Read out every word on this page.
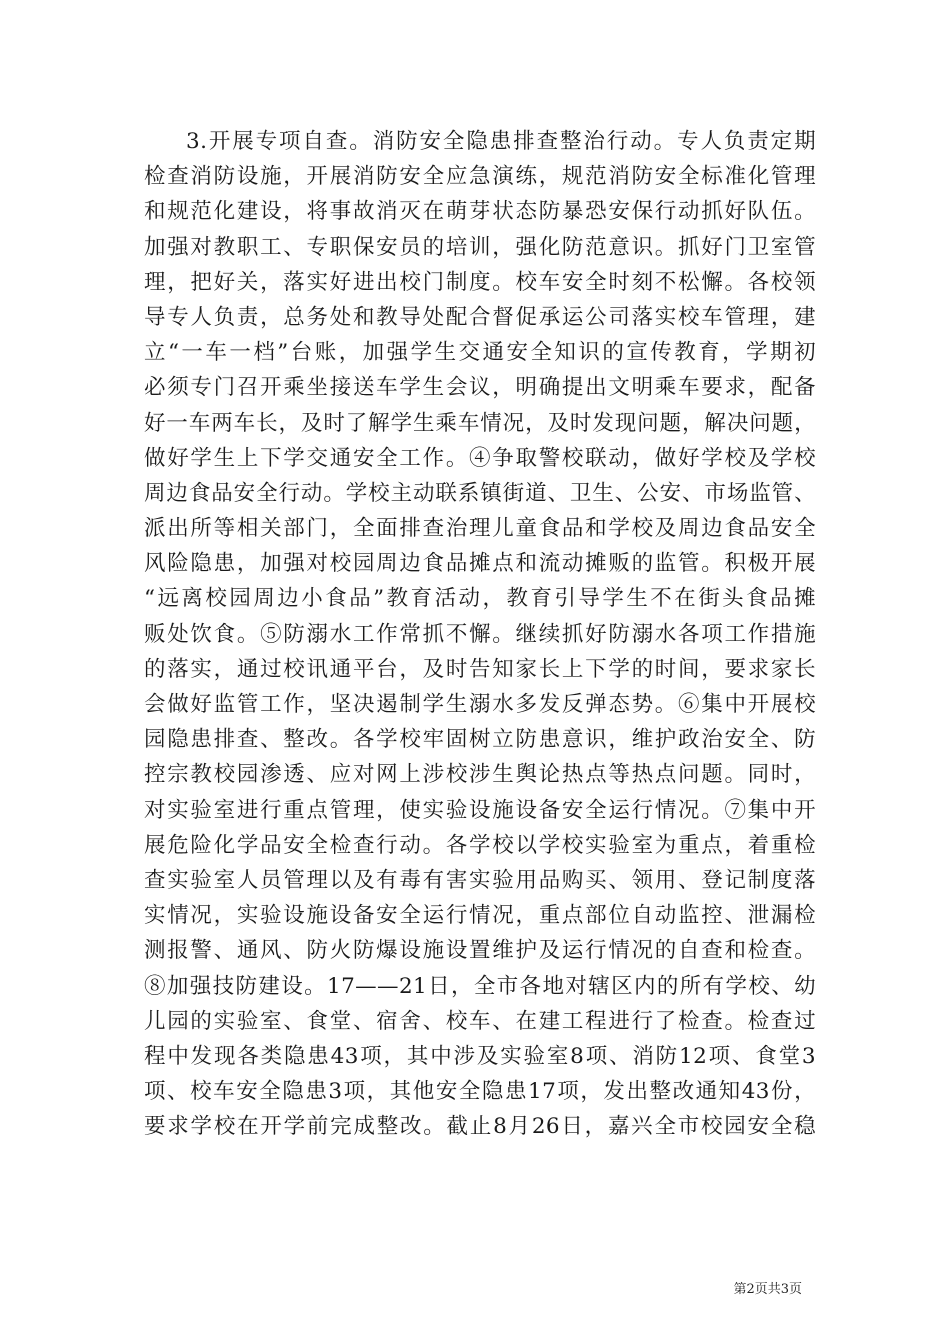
3.开展专项自查。消防安全隐患排查整治行动。专人负责定期
检查消防设施，开展消防安全应急演练，规范消防安全标准化管理
和规范化建设，将事故消灭在萌芽状态防暴恐安保行动抓好队伍。
加强对教职工、专职保安员的培训，强化防范意识。抓好门卫室管
理，把好关，落实好进出校门制度。校车安全时刻不松懈。各校领
导专人负责，总务处和教导处配合督促承运公司落实校车管理，建
立“一车一档”台账，加强学生交通安全知识的宣传教育，学期初
必须专门召开乘坐接送车学生会议，明确提出文明乘车要求，配备
好一车两车长，及时了解学生乘车情况，及时发现问题，解决问题，
做好学生上下学交通安全工作。④争取警校联动，做好学校及学校
周边食品安全行动。学校主动联系镇街道、卫生、公安、市场监管、
派出所等相关部门，全面排查治理儿童食品和学校及周边食品安全
风险隐患，加强对校园周边食品摊点和流动摊贩的监管。积极开展
“远离校园周边小食品”教育活动，教育引导学生不在街头食品摊
贩处饮食。⑤防溺水工作常抓不懈。继续抓好防溺水各项工作措施
的落实，通过校讯通平台，及时告知家长上下学的时间，要求家长
会做好监管工作，坚决遏制学生溺水多发反弹态势。⑥集中开展校
园隐患排查、整改。各学校牢固树立防患意识，维护政治安全、防
控宗教校园渗透、应对网上涉校涉生舆论热点等热点问题。同时，
对实验室进行重点管理，使实验设施设备安全运行情况。⑦集中开
展危险化学品安全检查行动。各学校以学校实验室为重点，着重检
查实验室人员管理以及有毒有害实验用品购买、领用、登记制度落
实情况，实验设施设备安全运行情况，重点部位自动监控、泄漏检
测报警、通风、防火防爆设施设置维护及运行情况的自查和检查。
⑧加强技防建设。17——21日，全市各地对辖区内的所有学校、幼
儿园的实验室、食堂、宿舍、校车、在建工程进行了检查。检查过
程中发现各类隐患43项，其中涉及实验室8项、消防12项、食堂3
项、校车安全隐患3项，其他安全隐患17项，发出整改通知43份，
要求学校在开学前完成整改。截止8月26日，嘉兴全市校园安全稳
第2页共3页
